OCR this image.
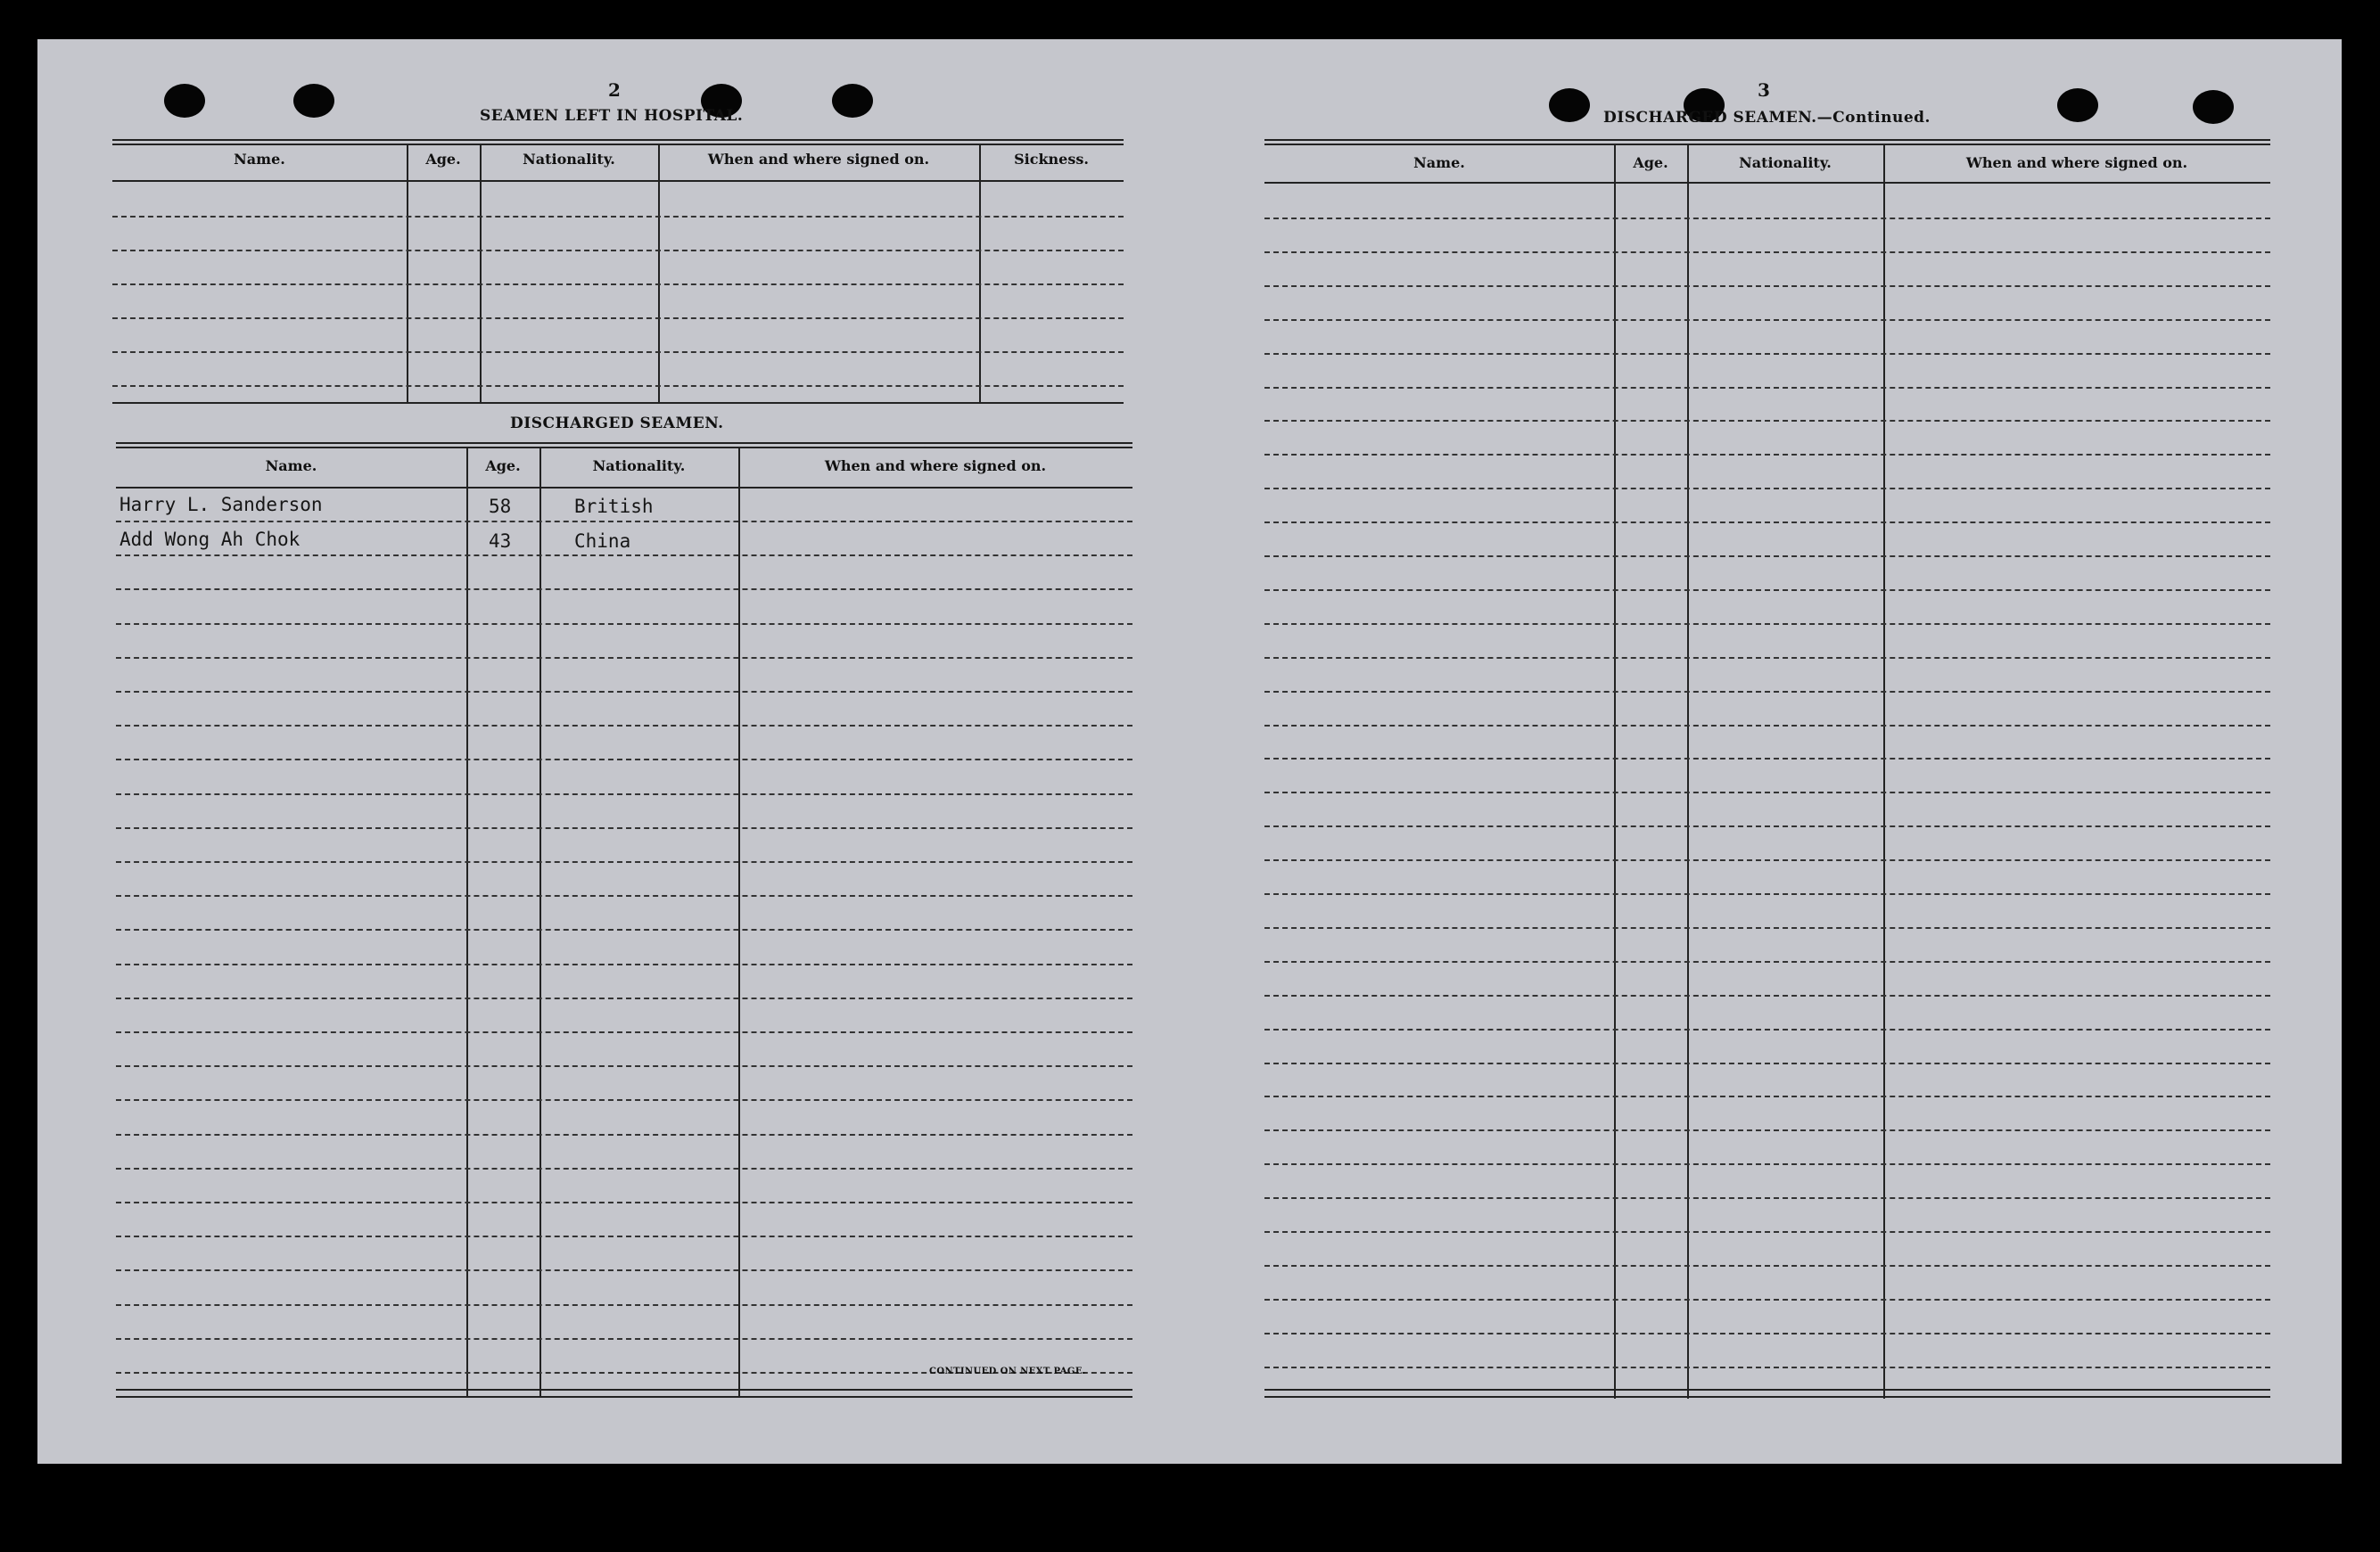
2
SEAMEN LEFT IN HOSPITAL.
Name.	Age.	Nationality.	When and where signed on.	Sickness.
DISCHARGED SEAMEN.
Name.	Age.	Nationality.	When and where signed on.
Harry L. Sanderson	58	British
Add Wong Ah Chok	43	China
CONTINUED ON NEXT PAGE.
3
DISCHARGED SEAMEN.—Continued.
Name.	Age.	Nationality.	When and where signed on.
